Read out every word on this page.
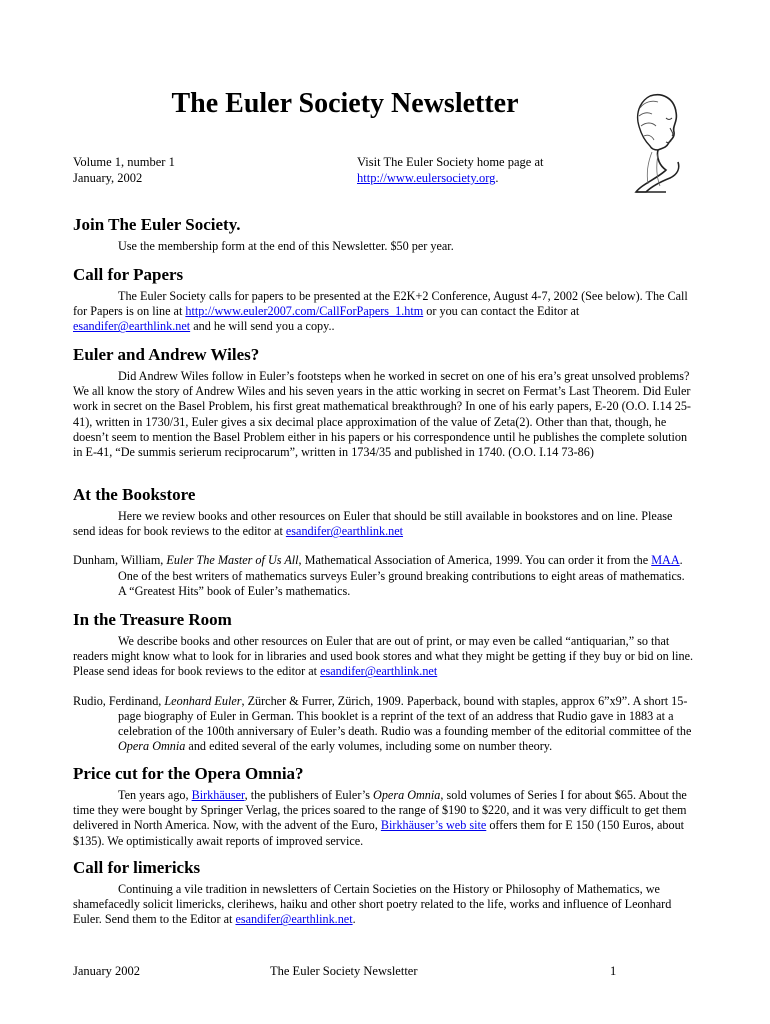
The Euler Society Newsletter
Volume 1, number 1
January, 2002
Visit The Euler Society home page at
http://www.eulersociety.org.
Join The Euler Society.

Use the membership form at the end of this Newsletter. $50 per year.

Call for Papers

The Euler Society calls for papers to be presented at the E2K+2 Conference, August 4-7, 2002 (See below). The Call for Papers is on line at http://www.euler2007.com/CallForPapers_1.htm or you can contact the Editor at esandifer@earthlink.net and he will send you a copy..

Euler and Andrew Wiles?

Did Andrew Wiles follow in Euler’s footsteps when he worked in secret on one of his era’s great unsolved problems? We all know the story of Andrew Wiles and his seven years in the attic working in secret on Fermat’s Last Theorem. Did Euler work in secret on the Basel Problem, his first great mathematical breakthrough? In one of his early papers, E-20 (O.O. I.14 25-41), written in 1730/31, Euler gives a six decimal place approximation of the value of Zeta(2). Other than that, though, he doesn’t seem to mention the Basel Problem either in his papers or his correspondence until he publishes the complete solution in E-41, “De summis serierum reciprocarum”, written in 1734/35 and published in 1740. (O.O. I.14 73-86)

At the Bookstore

Here we review books and other resources on Euler that should be still available in bookstores and on line. Please send ideas for book reviews to the editor at esandifer@earthlink.net

Dunham, William, Euler The Master of Us All, Mathematical Association of America, 1999. You can order it from the MAA. One of the best writers of mathematics surveys Euler’s ground breaking contributions to eight areas of mathematics. A “Greatest Hits” book of Euler’s mathematics.

In the Treasure Room

We describe books and other resources on Euler that are out of print, or may even be called “antiquarian,” so that readers might know what to look for in libraries and used book stores and what they might be getting if they buy or bid on line. Please send ideas for book reviews to the editor at esandifer@earthlink.net

Rudio, Ferdinand, Leonhard Euler, Zürcher & Furrer, Zürich, 1909. Paperback, bound with staples, approx 6”x9”. A short 15-page biography of Euler in German. This booklet is a reprint of the text of an address that Rudio gave in 1883 at a celebration of the 100th anniversary of Euler’s death. Rudio was a founding member of the editorial committee of the Opera Omnia and edited several of the early volumes, including some on number theory.

Price cut for the Opera Omnia?

Ten years ago, Birkhäuser, the publishers of Euler’s Opera Omnia, sold volumes of Series I for about $65. About the time they were bought by Springer Verlag, the prices soared to the range of $190 to $220, and it was very difficult to get them delivered in North America. Now, with the advent of the Euro, Birkhäuser’s web site offers them for E 150 (150 Euros, about $135). We optimistically await reports of improved service.

Call for limericks

Continuing a vile tradition in newsletters of Certain Societies on the History or Philosophy of Mathematics, we shamefacedly solicit limericks, clerihews, haiku and other short poetry related to the life, works and influence of Leonhard Euler. Send them to the Editor at esandifer@earthlink.net.

January 2002	The Euler Society Newsletter	1
